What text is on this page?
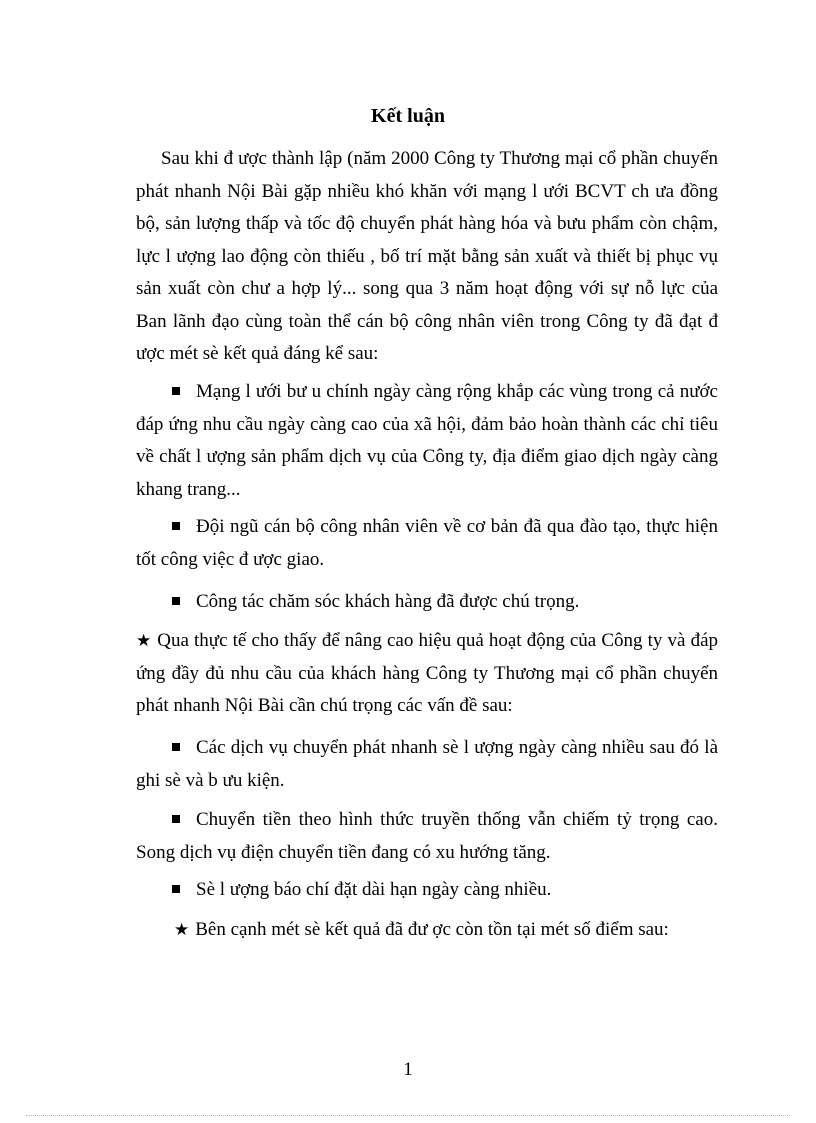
Kết luận

Sau khi đ ược thành lập (năm 2000 Công ty Thương mại cổ phần chuyển phát nhanh Nội Bài gặp nhiều khó khăn với mạng l ưới BCVT ch ưa đồng bộ, sản lượng thấp và tốc độ chuyển phát hàng hóa và bưu phẩm còn chậm, lực l ượng lao động còn thiếu , bố trí mặt bằng sản xuất và thiết bị phục vụ sản xuất còn chư a hợp lý... song qua 3 năm hoạt động với sự nỗ lực của Ban lãnh đạo cùng toàn thể cán bộ công nhân viên trong Công ty đã đạt đ ược mét sè kết quả đáng kể sau:

Mạng l ưới bư u chính ngày càng rộng khắp các vùng trong cả nước đáp ứng nhu cầu ngày càng cao của xã hội, đảm bảo hoàn thành các chỉ tiêu về chất l ượng sản phẩm dịch vụ của Công ty, địa điểm giao dịch ngày càng khang trang...

Đội ngũ cán bộ công nhân viên về cơ bản đã qua đào tạo, thực hiện tốt công việc đ ược giao.

Công tác chăm sóc khách hàng đã được chú trọng.

★ Qua thực tế cho thấy để nâng cao hiệu quả hoạt động của Công ty và đáp ứng đầy đủ nhu cầu của khách hàng Công ty Thương mại cổ phần chuyển phát nhanh Nội Bài cần chú trọng các vấn đề sau:

Các dịch vụ chuyển phát nhanh sè l ượng ngày càng nhiều sau đó là ghi sè và b ưu kiện.

Chuyển tiền theo hình thức truyền thống vẫn chiếm tỷ trọng cao. Song dịch vụ điện chuyển tiền đang có xu hướng tăng.

Sè l ượng báo chí đặt dài hạn ngày càng nhiều.

★ Bên cạnh mét sè kết quả đã đư ợc còn tồn tại mét số điểm sau:

1
